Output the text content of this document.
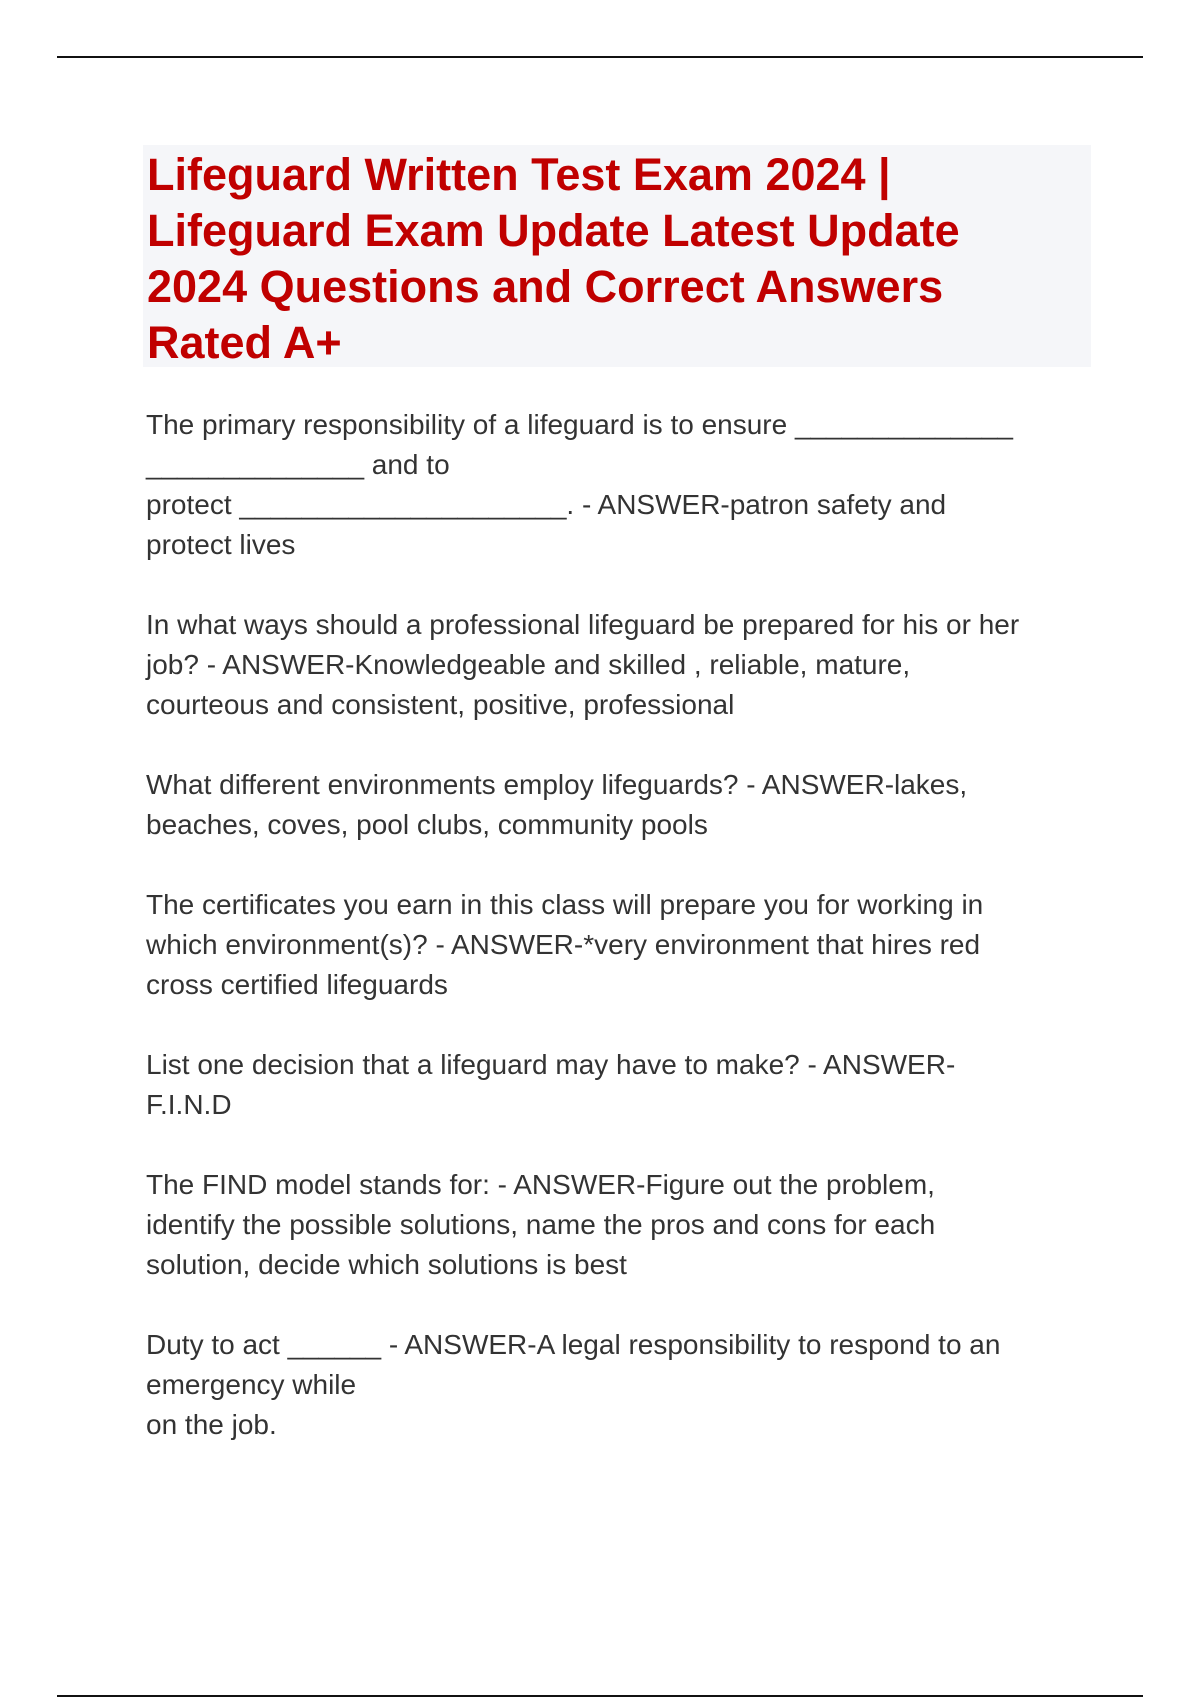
Lifeguard Written Test Exam 2024 |
Lifeguard Exam Update Latest Update
2024 Questions and Correct Answers
Rated A+
The primary responsibility of a lifeguard is to ensure ______________
______________ and to
protect _____________________. - ANSWER-patron safety and
protect lives
In what ways should a professional lifeguard be prepared for his or her
job? - ANSWER-Knowledgeable and skilled , reliable, mature,
courteous and consistent, positive, professional
What different environments employ lifeguards? - ANSWER-lakes,
beaches, coves, pool clubs, community pools
The certificates you earn in this class will prepare you for working in
which environment(s)? - ANSWER-*very environment that hires red
cross certified lifeguards
List one decision that a lifeguard may have to make? - ANSWER-
F.I.N.D
The FIND model stands for: - ANSWER-Figure out the problem,
identify the possible solutions, name the pros and cons for each
solution, decide which solutions is best
Duty to act ______ - ANSWER-A legal responsibility to respond to an
emergency while
on the job.
